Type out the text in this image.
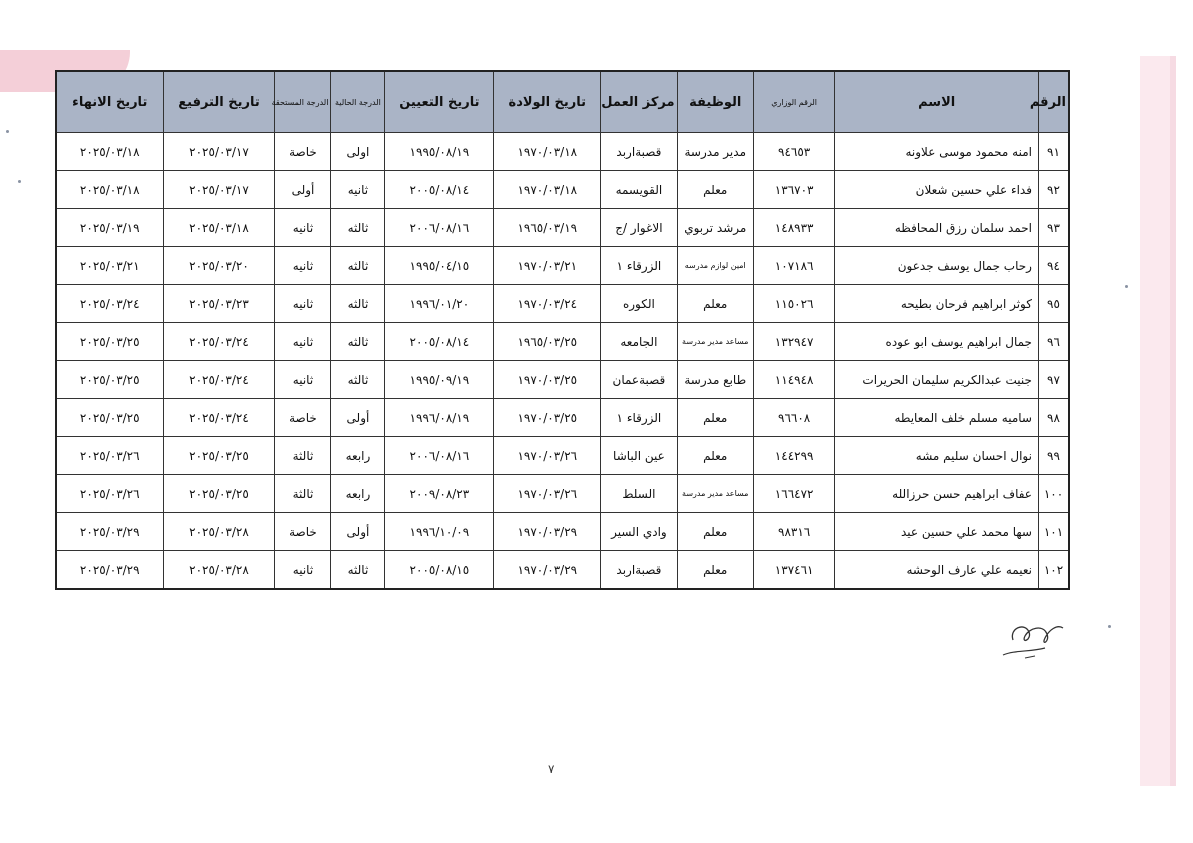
الرقم	الاسم	الرقم الوزاري	الوظيفة	مركز العمل	تاريخ الولادة	تاريخ التعيين	الدرجة الحالية	الدرجة المستحقة	تاريخ الترفيع	تاريخ الانهاء
٩١	امنه محمود موسى علاونه	٩٤٦٥٣	مدير مدرسة	قصبةاربد	١٩٧٠/٠٣/١٨	١٩٩٥/٠٨/١٩	اولى	خاصة	٢٠٢٥/٠٣/١٧	٢٠٢٥/٠٣/١٨
٩٢	فداء علي حسين شعلان	١٣٦٧٠٣	معلم	القويسمه	١٩٧٠/٠٣/١٨	٢٠٠٥/٠٨/١٤	ثانيه	أولى	٢٠٢٥/٠٣/١٧	٢٠٢٥/٠٣/١٨
٩٣	احمد سلمان رزق المحافظه	١٤٨٩٣٣	مرشد تربوي	الاغوار /ج	١٩٦٥/٠٣/١٩	٢٠٠٦/٠٨/١٦	ثالثه	ثانيه	٢٠٢٥/٠٣/١٨	٢٠٢٥/٠٣/١٩
٩٤	رحاب جمال يوسف جدعون	١٠٧١٨٦	امين لوازم مدرسه	الزرقاء ١	١٩٧٠/٠٣/٢١	١٩٩٥/٠٤/١٥	ثالثه	ثانيه	٢٠٢٥/٠٣/٢٠	٢٠٢٥/٠٣/٢١
٩٥	كوثر ابراهيم فرحان بطيحه	١١٥٠٢٦	معلم	الكوره	١٩٧٠/٠٣/٢٤	١٩٩٦/٠١/٢٠	ثالثه	ثانيه	٢٠٢٥/٠٣/٢٣	٢٠٢٥/٠٣/٢٤
٩٦	جمال ابراهيم يوسف ابو عوده	١٣٢٩٤٧	مساعد مدير مدرسة	الجامعه	١٩٦٥/٠٣/٢٥	٢٠٠٥/٠٨/١٤	ثالثه	ثانيه	٢٠٢٥/٠٣/٢٤	٢٠٢٥/٠٣/٢٥
٩٧	جنيت عبدالكريم سليمان الحريرات	١١٤٩٤٨	طابع مدرسة	قصبةعمان	١٩٧٠/٠٣/٢٥	١٩٩٥/٠٩/١٩	ثالثه	ثانيه	٢٠٢٥/٠٣/٢٤	٢٠٢٥/٠٣/٢٥
٩٨	ساميه مسلم خلف المعايطه	٩٦٦٠٨	معلم	الزرقاء ١	١٩٧٠/٠٣/٢٥	١٩٩٦/٠٨/١٩	أولى	خاصة	٢٠٢٥/٠٣/٢٤	٢٠٢٥/٠٣/٢٥
٩٩	نوال احسان سليم مشه	١٤٤٢٩٩	معلم	عين الباشا	١٩٧٠/٠٣/٢٦	٢٠٠٦/٠٨/١٦	رابعه	ثالثة	٢٠٢٥/٠٣/٢٥	٢٠٢٥/٠٣/٢٦
١٠٠	عفاف ابراهيم حسن حرزالله	١٦٦٤٧٢	مساعد مدير مدرسة	السلط	١٩٧٠/٠٣/٢٦	٢٠٠٩/٠٨/٢٣	رابعه	ثالثة	٢٠٢٥/٠٣/٢٥	٢٠٢٥/٠٣/٢٦
١٠١	سها محمد علي حسين عيد	٩٨٣١٦	معلم	وادي السير	١٩٧٠/٠٣/٢٩	١٩٩٦/١٠/٠٩	أولى	خاصة	٢٠٢٥/٠٣/٢٨	٢٠٢٥/٠٣/٢٩
١٠٢	نعيمه علي عارف الوحشه	١٣٧٤٦١	معلم	قصبةاربد	١٩٧٠/٠٣/٢٩	٢٠٠٥/٠٨/١٥	ثالثه	ثانيه	٢٠٢٥/٠٣/٢٨	٢٠٢٥/٠٣/٢٩
٧
